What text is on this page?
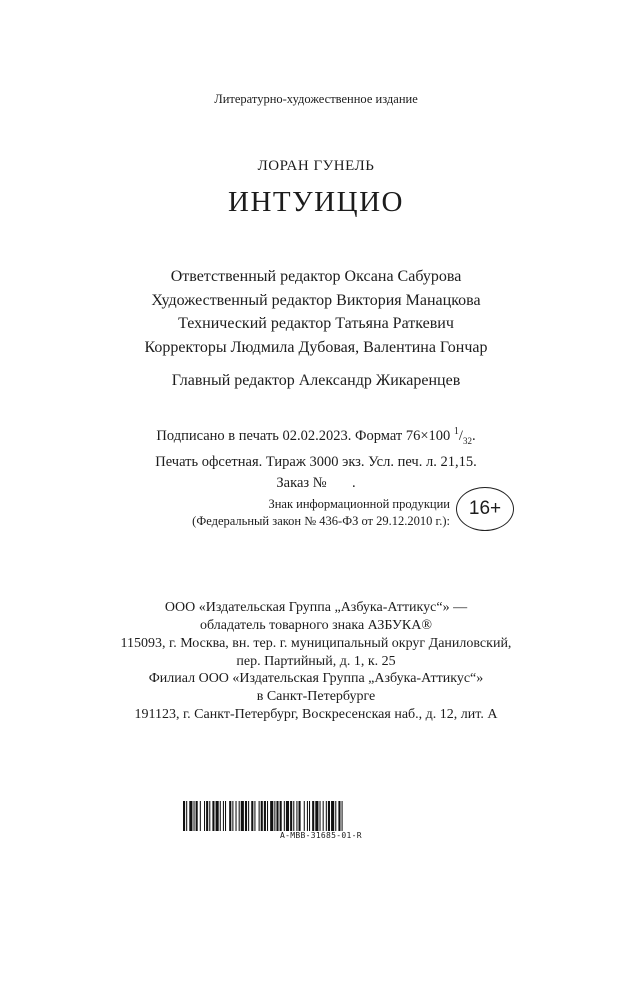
Литературно-художественное издание
ЛОРАН ГУНЕЛЬ
ИНТУИЦИО
Ответственный редактор Оксана Сабурова
Художественный редактор Виктория Манацкова
Технический редактор Татьяна Раткевич
Корректоры Людмила Дубовая, Валентина Гончар
Главный редактор Александр Жикаренцев
Подписано в печать 02.02.2023. Формат 76×100 $^1/_{32}$.
Печать офсетная. Тираж 3000 экз. Усл. печ. л. 21,15.
Заказ №       .
Знак информационной продукции
(Федеральный закон № 436-ФЗ от 29.12.2010 г.):
16+
ООО «Издательская Группа „Азбука-Аттикус“» —
обладатель товарного знака АЗБУКА®
115093, г. Москва, вн. тер. г. муниципальный округ Даниловский,
пер. Партийный, д. 1, к. 25
Филиал ООО «Издательская Группа „Азбука-Аттикус“»
в Санкт-Петербурге
191123, г. Санкт-Петербург, Воскресенская наб., д. 12, лит. А
А-МВВ-31685-01-R
